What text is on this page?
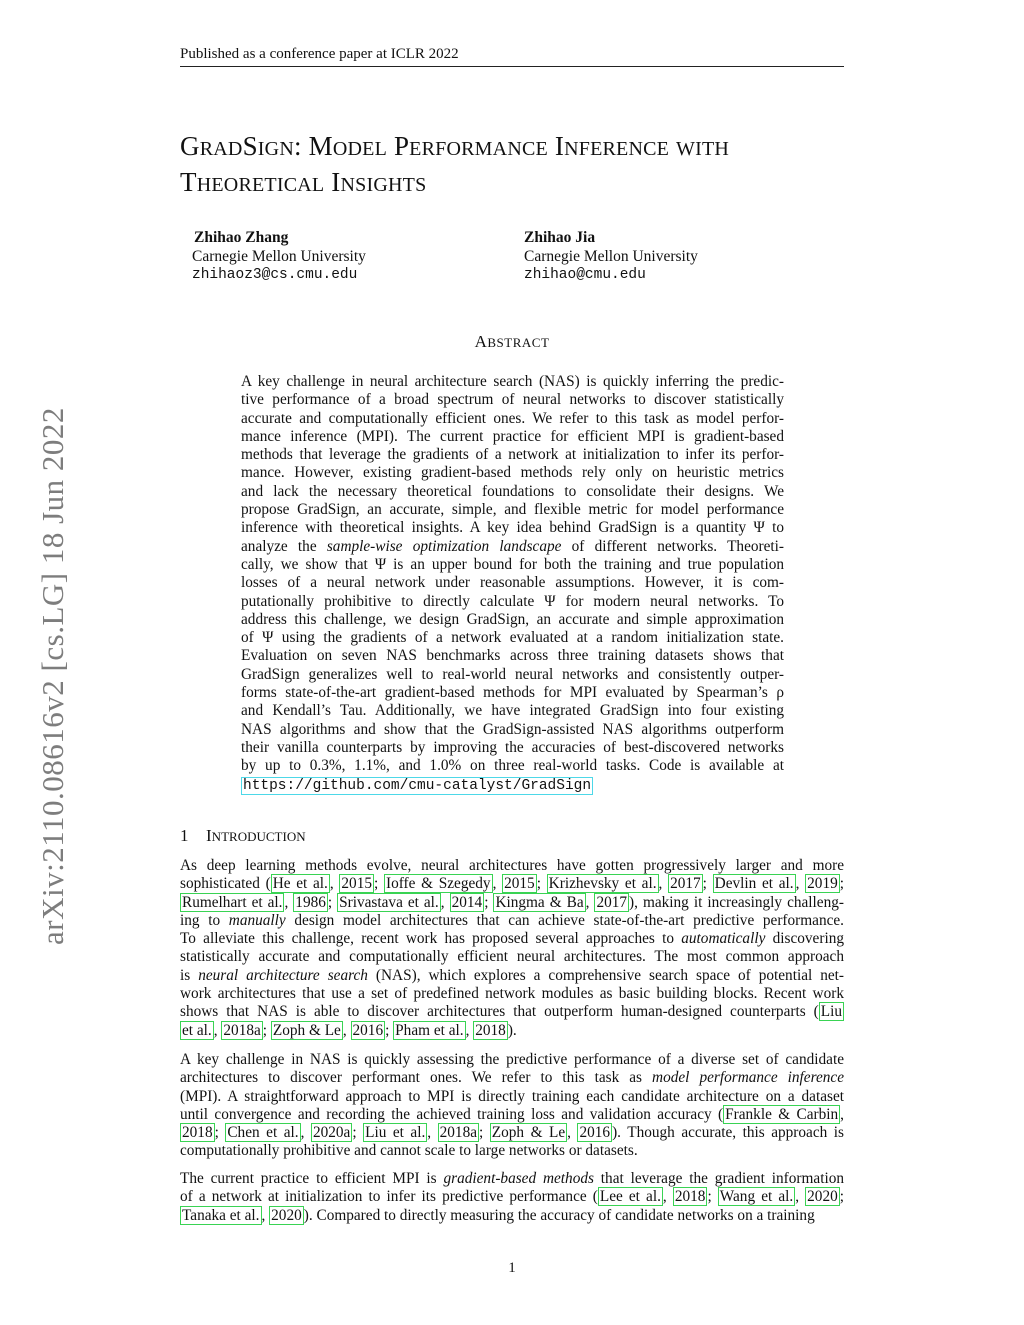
Published as a conference paper at ICLR 2022
GRADSIGN: MODEL PERFORMANCE INFERENCE WITH
THEORETICAL INSIGHTS
Zhihao Zhang
Carnegie Mellon University
zhihaoz3@cs.cmu.edu
Zhihao Jia
Carnegie Mellon University
zhihao@cmu.edu
arXiv:2110.08616v2 [cs.LG] 18 Jun 2022
ABSTRACT
A key challenge in neural architecture search (NAS) is quickly inferring the predic-
tive performance of a broad spectrum of neural networks to discover statistically
accurate and computationally efficient ones. We refer to this task as model perfor-
mance inference (MPI). The current practice for efficient MPI is gradient-based
methods that leverage the gradients of a network at initialization to infer its perfor-
mance. However, existing gradient-based methods rely only on heuristic metrics
and lack the necessary theoretical foundations to consolidate their designs. We
propose GradSign, an accurate, simple, and flexible metric for model performance
inference with theoretical insights. A key idea behind GradSign is a quantity Ψ to
analyze the sample-wise optimization landscape of different networks. Theoreti-
cally, we show that Ψ is an upper bound for both the training and true population
losses of a neural network under reasonable assumptions. However, it is com-
putationally prohibitive to directly calculate Ψ for modern neural networks. To
address this challenge, we design GradSign, an accurate and simple approximation
of Ψ using the gradients of a network evaluated at a random initialization state.
Evaluation on seven NAS benchmarks across three training datasets shows that
GradSign generalizes well to real-world neural networks and consistently outper-
forms state-of-the-art gradient-based methods for MPI evaluated by Spearman’s ρ
and Kendall’s Tau. Additionally, we have integrated GradSign into four existing
NAS algorithms and show that the GradSign-assisted NAS algorithms outperform
their vanilla counterparts by improving the accuracies of best-discovered networks
by up to 0.3%, 1.1%, and 1.0% on three real-world tasks. Code is available at
https://github.com/cmu-catalyst/GradSign
1 INTRODUCTION
As deep learning methods evolve, neural architectures have gotten progressively larger and more
sophisticated ( He et al. , 2015 ; Ioffe & Szegedy , 2015 ; Krizhevsky et al. , 2017 ; Devlin et al. , 2019 ;
Rumelhart et al. , 1986 ; Srivastava et al. , 2014 ; Kingma & Ba , 2017 ), making it increasingly challeng-
ing to manually design model architectures that can achieve state-of-the-art predictive performance.
To alleviate this challenge, recent work has proposed several approaches to automatically discovering
statistically accurate and computationally efficient neural architectures. The most common approach
is neural architecture search (NAS), which explores a comprehensive search space of potential net-
work architectures that use a set of predefined network modules as basic building blocks. Recent work
shows that NAS is able to discover architectures that outperform human-designed counterparts ( Liu
et al. , 2018a ; Zoph & Le , 2016 ; Pham et al. , 2018 ).
A key challenge in NAS is quickly assessing the predictive performance of a diverse set of candidate
architectures to discover performant ones. We refer to this task as model performance inference
(MPI). A straightforward approach to MPI is directly training each candidate architecture on a dataset
until convergence and recording the achieved training loss and validation accuracy ( Frankle & Carbin ,
2018 ; Chen et al. , 2020a ; Liu et al. , 2018a ; Zoph & Le , 2016 ). Though accurate, this approach is
computationally prohibitive and cannot scale to large networks or datasets.
The current practice to efficient MPI is gradient-based methods that leverage the gradient information
of a network at initialization to infer its predictive performance ( Lee et al. , 2018 ; Wang et al. , 2020 ;
Tanaka et al. , 2020 ). Compared to directly measuring the accuracy of candidate networks on a training
1
